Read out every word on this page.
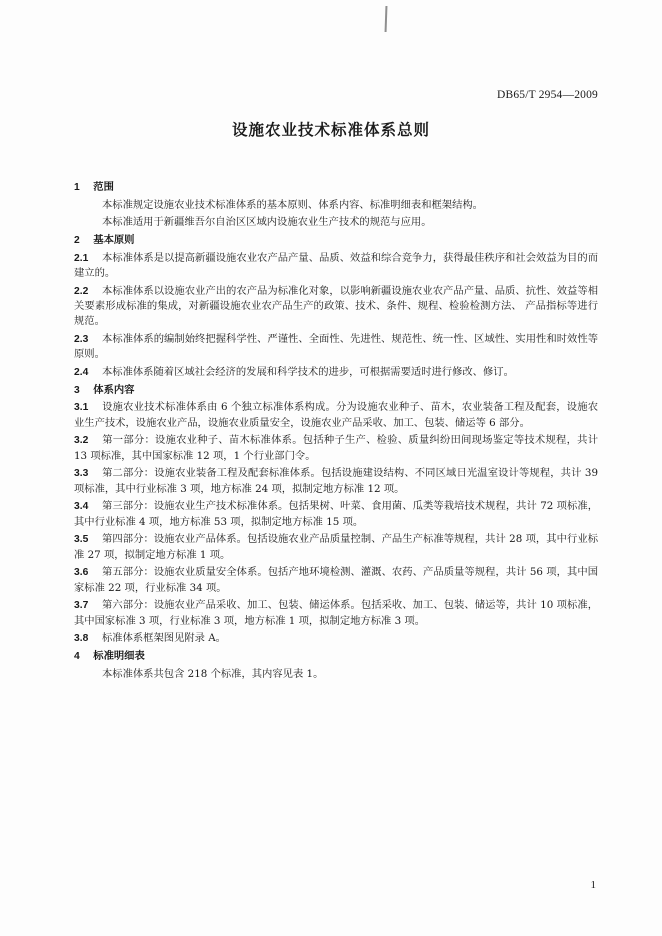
DB65/T 2954—2009
设施农业技术标准体系总则

1 范围

本标准规定设施农业技术标准体系的基本原则、体系内容、标准明细表和框架结构。

本标准适用于新疆维吾尔自治区区域内设施农业生产技术的规范与应用。

2 基本原则

2.1 本标准体系是以提高新疆设施农业农产品产量、品质、效益和综合竞争力，获得最佳秩序和社会效益为目的而建立的。

2.2 本标准体系以设施农业产出的农产品为标准化对象，以影响新疆设施农业农产品产量、品质、抗性、效益等相关要素形成标准的集成，对新疆设施农业农产品生产的政策、技术、条件、规程、检验检测方法、 产品指标等进行规范。

2.3 本标准体系的编制始终把握科学性、严谨性、全面性、先进性、规范性、统一性、区域性、实用性和时效性等原则。

2.4 本标准体系随着区域社会经济的发展和科学技术的进步，可根据需要适时进行修改、修订。

3 体系内容

3.1 设施农业技术标准体系由 6 个独立标准体系构成。分为设施农业种子、苗木，农业装备工程及配套，设施农业生产技术，设施农业产品，设施农业质量安全，设施农业产品采收、加工、包装、储运等 6 部分。

3.2 第一部分：设施农业种子、苗木标准体系。包括种子生产、检验、质量纠纷田间现场鉴定等技术规程，共计 13 项标准，其中国家标准 12 项，1 个行业部门令。

3.3 第二部分：设施农业装备工程及配套标准体系。包括设施建设结构、不同区域日光温室设计等规程，共计 39 项标准，其中行业标准 3 项，地方标准 24 项，拟制定地方标准 12 项。

3.4 第三部分：设施农业生产技术标准体系。包括果树、叶菜、食用菌、瓜类等栽培技术规程，共计 72 项标准，其中行业标准 4 项，地方标准 53 项，拟制定地方标准 15 项。

3.5 第四部分：设施农业产品体系。包括设施农业产品质量控制、产品生产标准等规程，共计 28 项，其中行业标准 27 项，拟制定地方标准 1 项。

3.6 第五部分：设施农业质量安全体系。包括产地环境检测、灌溉、农药、产品质量等规程，共计 56 项，其中国家标准 22 项，行业标准 34 项。

3.7 第六部分：设施农业产品采收、加工、包装、储运体系。包括采收、加工、包装、储运等，共计 10 项标准，其中国家标准 3 项，行业标准 3 项，地方标准 1 项，拟制定地方标准 3 项。

3.8 标准体系框架图见附录 A。

4 标准明细表

本标准体系共包含 218 个标准，其内容见表 1。

1
